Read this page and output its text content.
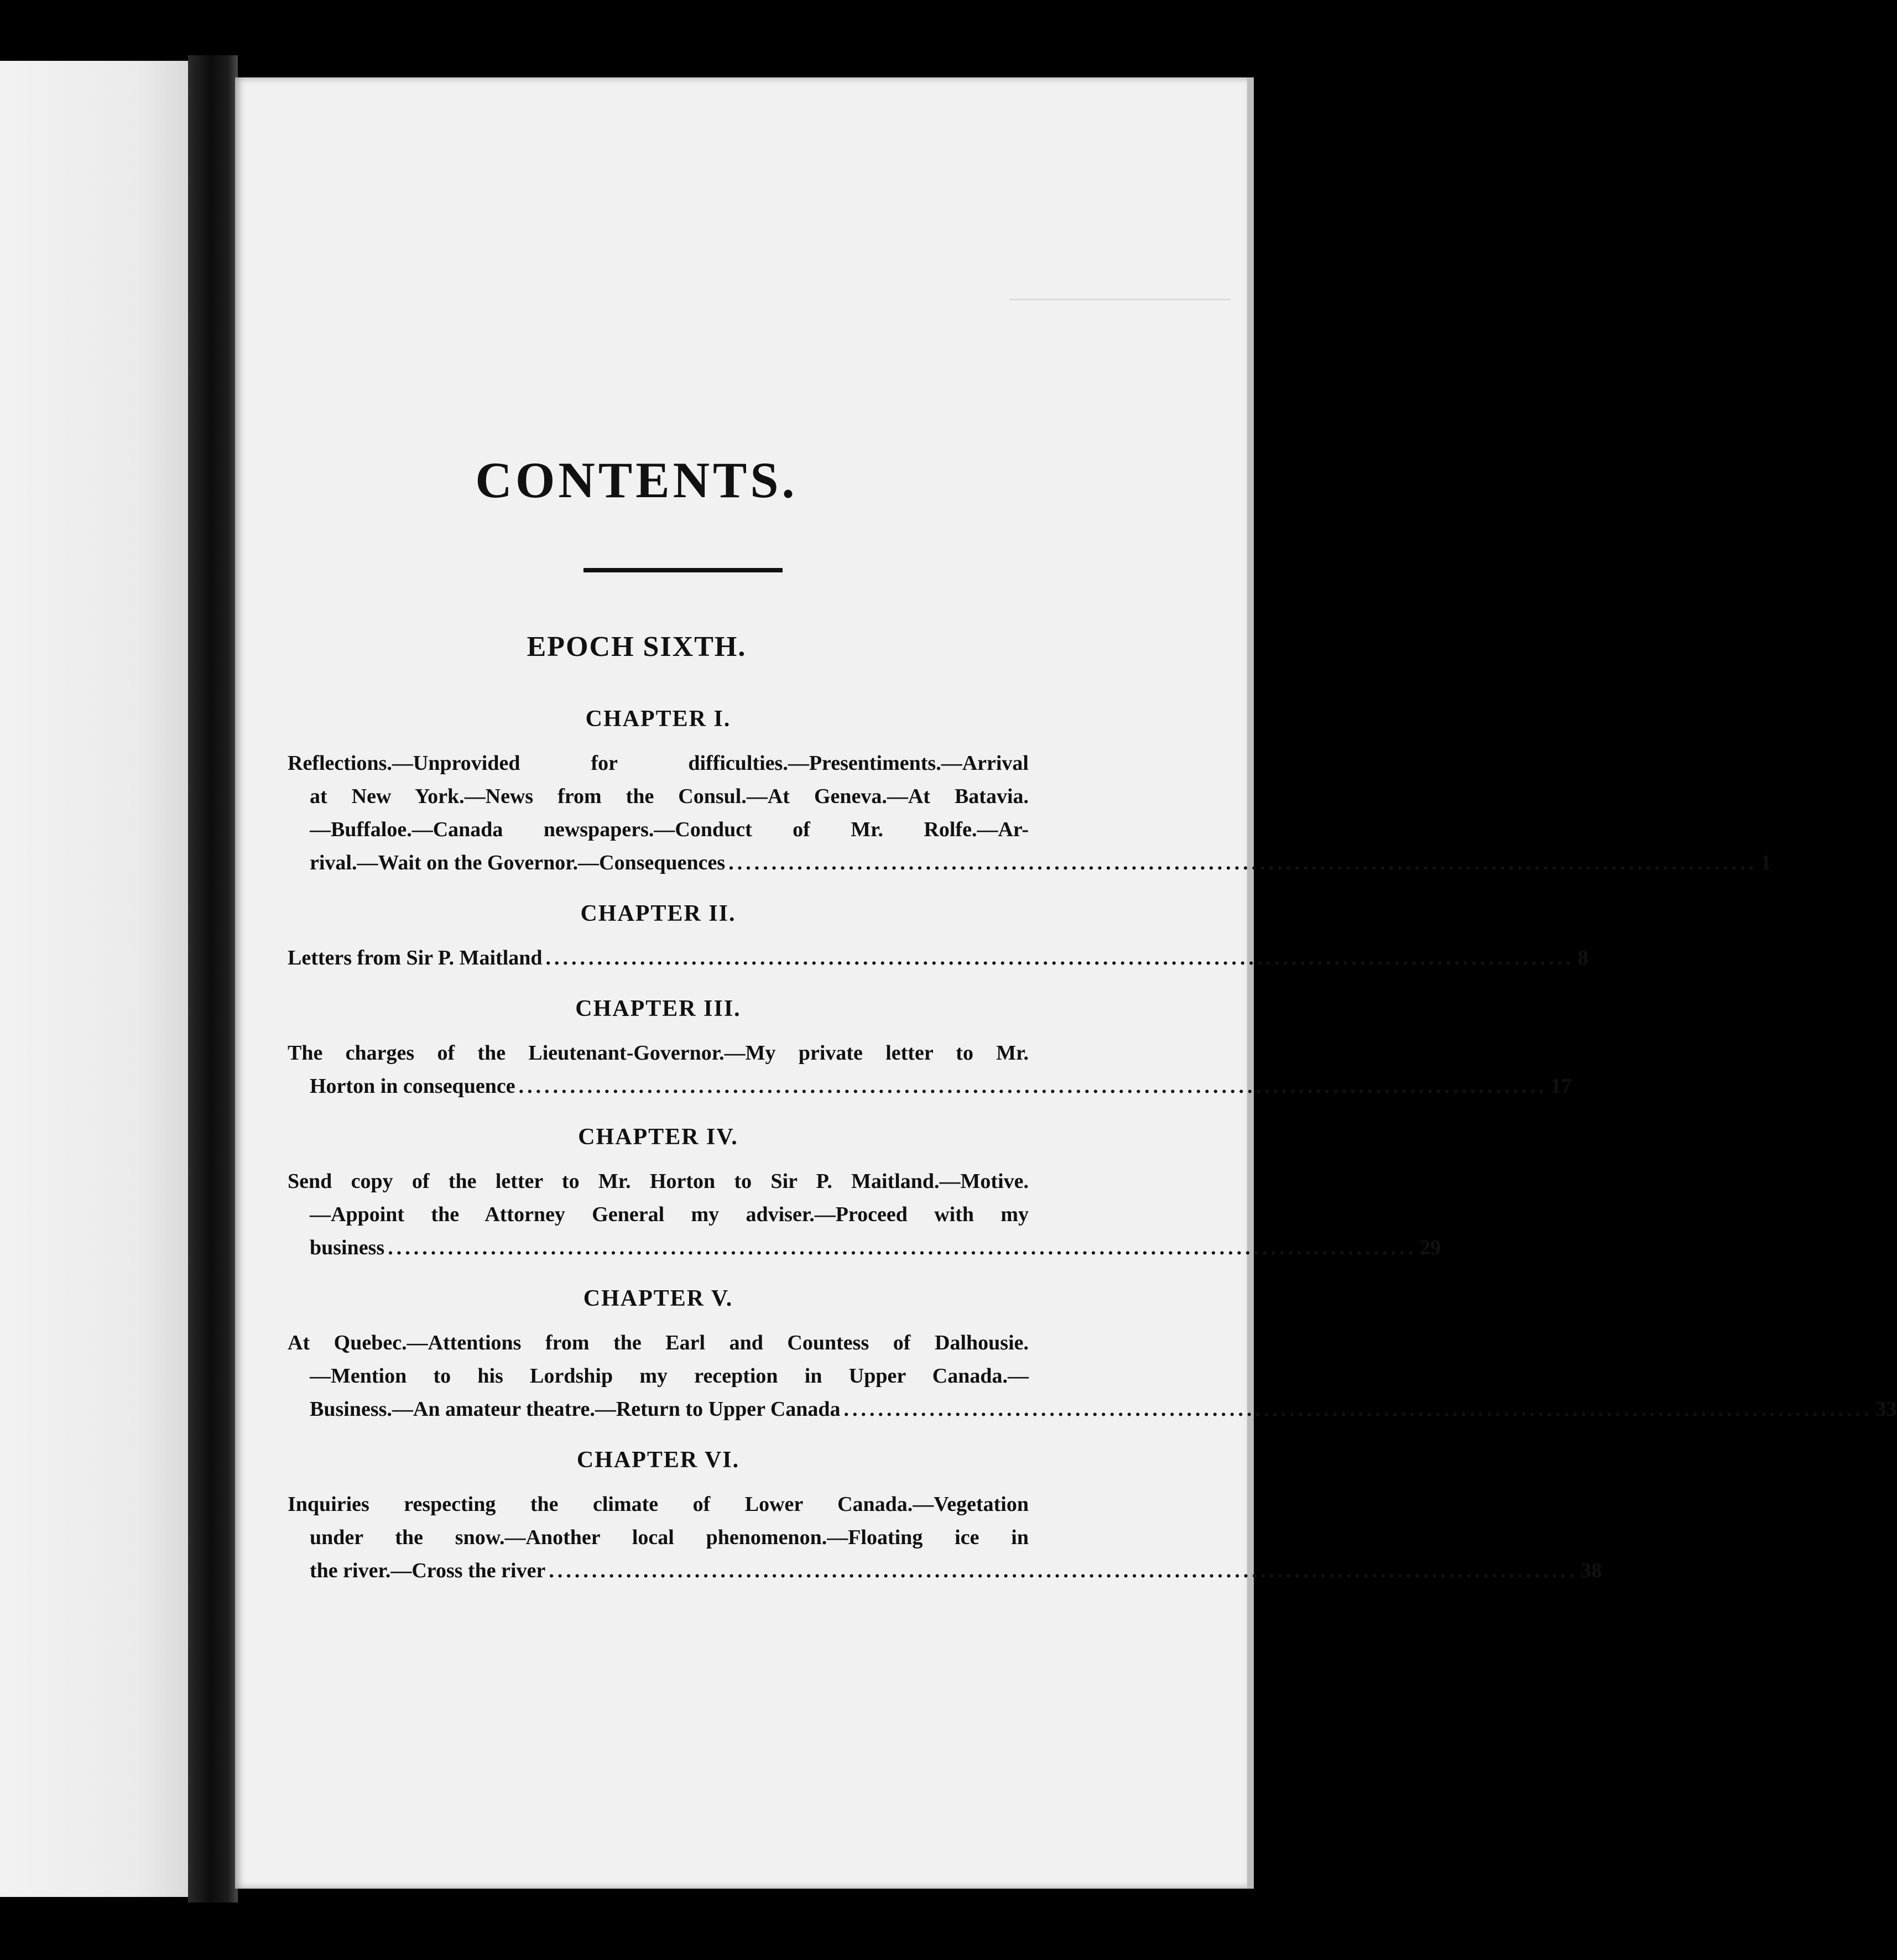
CONTENTS.
EPOCH SIXTH.
CHAPTER I.
Reflections.—Unprovided for difficulties.—Presentiments.—Arrival
at New York.—News from the Consul.—At Geneva.—At Batavia.
—Buffaloe.—Canada newspapers.—Conduct of Mr. Rolfe.—Ar-
rival.—Wait on the Governor.—Consequences ........................................................................................................................ 1
CHAPTER II.
Letters from Sir P. Maitland ........................................................................................................................ 8
CHAPTER III.
The charges of the Lieutenant-Governor.—My private letter to Mr.
Horton in consequence ........................................................................................................................ 17
CHAPTER IV.
Send copy of the letter to Mr. Horton to Sir P. Maitland.—Motive.
—Appoint the Attorney General my adviser.—Proceed with my
business ........................................................................................................................ 29
CHAPTER V.
At Quebec.—Attentions from the Earl and Countess of Dalhousie.
—Mention to his Lordship my reception in Upper Canada.—
Business.—An amateur theatre.—Return to Upper Canada ........................................................................................................................ 33
CHAPTER VI.
Inquiries respecting the climate of Lower Canada.—Vegetation
under the snow.—Another local phenomenon.—Floating ice in
the river.—Cross the river ........................................................................................................................ 38
